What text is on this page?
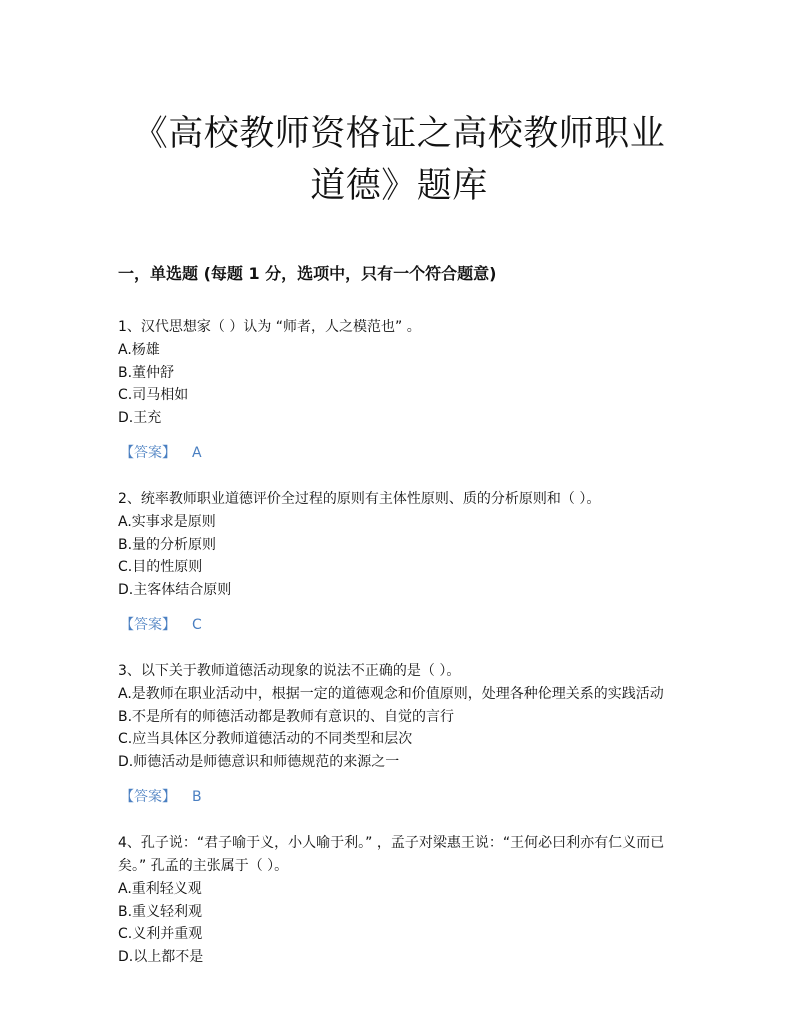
《高校教师资格证之高校教师职业道德》题库
一，单选题 (每题 1 分，选项中，只有一个符合题意)
1、汉代思想家（ ）认为 “师者，人之模范也” 。
A.杨雄
B.董仲舒
C.司马相如
D.王充
【答案】 A
2、统率教师职业道德评价全过程的原则有主体性原则、质的分析原则和（ ）。
A.实事求是原则
B.量的分析原则
C.目的性原则
D.主客体结合原则
【答案】 C
3、以下关于教师道德活动现象的说法不正确的是（ ）。
A.是教师在职业活动中，根据一定的道德观念和价值原则，处理各种伦理关系的实践活动
B.不是所有的师德活动都是教师有意识的、自觉的言行
C.应当具体区分教师道德活动的不同类型和层次
D.师德活动是师德意识和师德规范的来源之一
【答案】 B
4、孔子说：“君子喻于义，小人喻于利。” ，孟子对梁惠王说：“王何必曰利亦有仁义而已矣。” 孔孟的主张属于（ ）。
A.重利轻义观
B.重义轻利观
C.义利并重观
D.以上都不是
